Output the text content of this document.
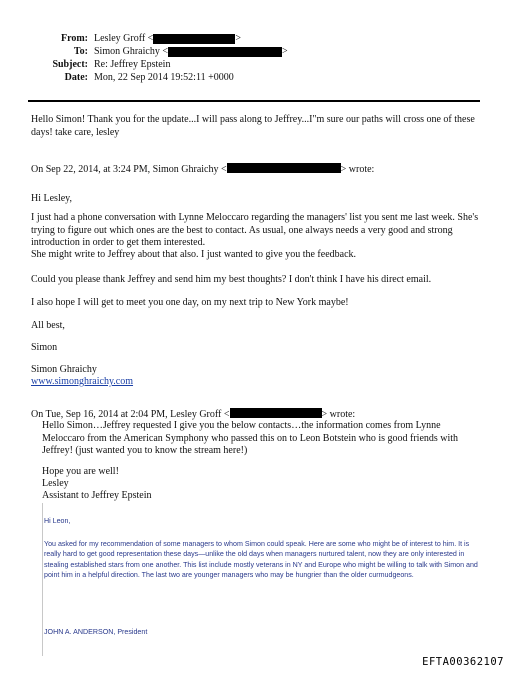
From: Lesley Groff <	>
To: Simon Ghraichy <	>
Subject: Re: Jeffrey Epstein
Date: Mon, 22 Sep 2014 19:52:11 +0000
Hello Simon! Thank you for the update...I will pass along to Jeffrey...I"m sure our paths will cross one of these days! take care, lesley
On Sep 22, 2014, at 3:24 PM, Simon Ghraichy <	> wrote:
Hi Lesley,
I just had a phone conversation with Lynne Meloccaro regarding the managers' list you sent me last week. She's trying to figure out which ones are the best to contact. As usual, one always needs a very good and strong introduction in order to get them interested.
She might write to Jeffrey about that also. I just wanted to give you the feedback.
Could you please thank Jeffrey and send him my best thoughts? I don't think I have his direct email.
I also hope I will get to meet you one day, on my next trip to New York maybe!
All best,
Simon
Simon Ghraichy
www.simonghraichy.com
On Tue, Sep 16, 2014 at 2:04 PM, Lesley Groff <	> wrote:
Hello Simon…Jeffrey requested I give you the below contacts…the information comes from Lynne Meloccaro from the American Symphony who passed this on to Leon Botstein who is good friends with Jeffrey! (just wanted you to know the stream here!)
Hope you are well!
Lesley
Assistant to Jeffrey Epstein
Hi Leon,
You asked for my recommendation of some managers to whom Simon could speak. Here are some who might be of interest to him. It is really hard to get good representation these days—unlike the old days when managers nurtured talent, now they are only interested in stealing established stars from one another. This list include mostly veterans in NY and Europe who might be willing to talk with Simon and point him in a helpful direction. The last two are younger managers who may be hungrier than the older curmudgeons.
JOHN A. ANDERSON, President
EFTA00362107
